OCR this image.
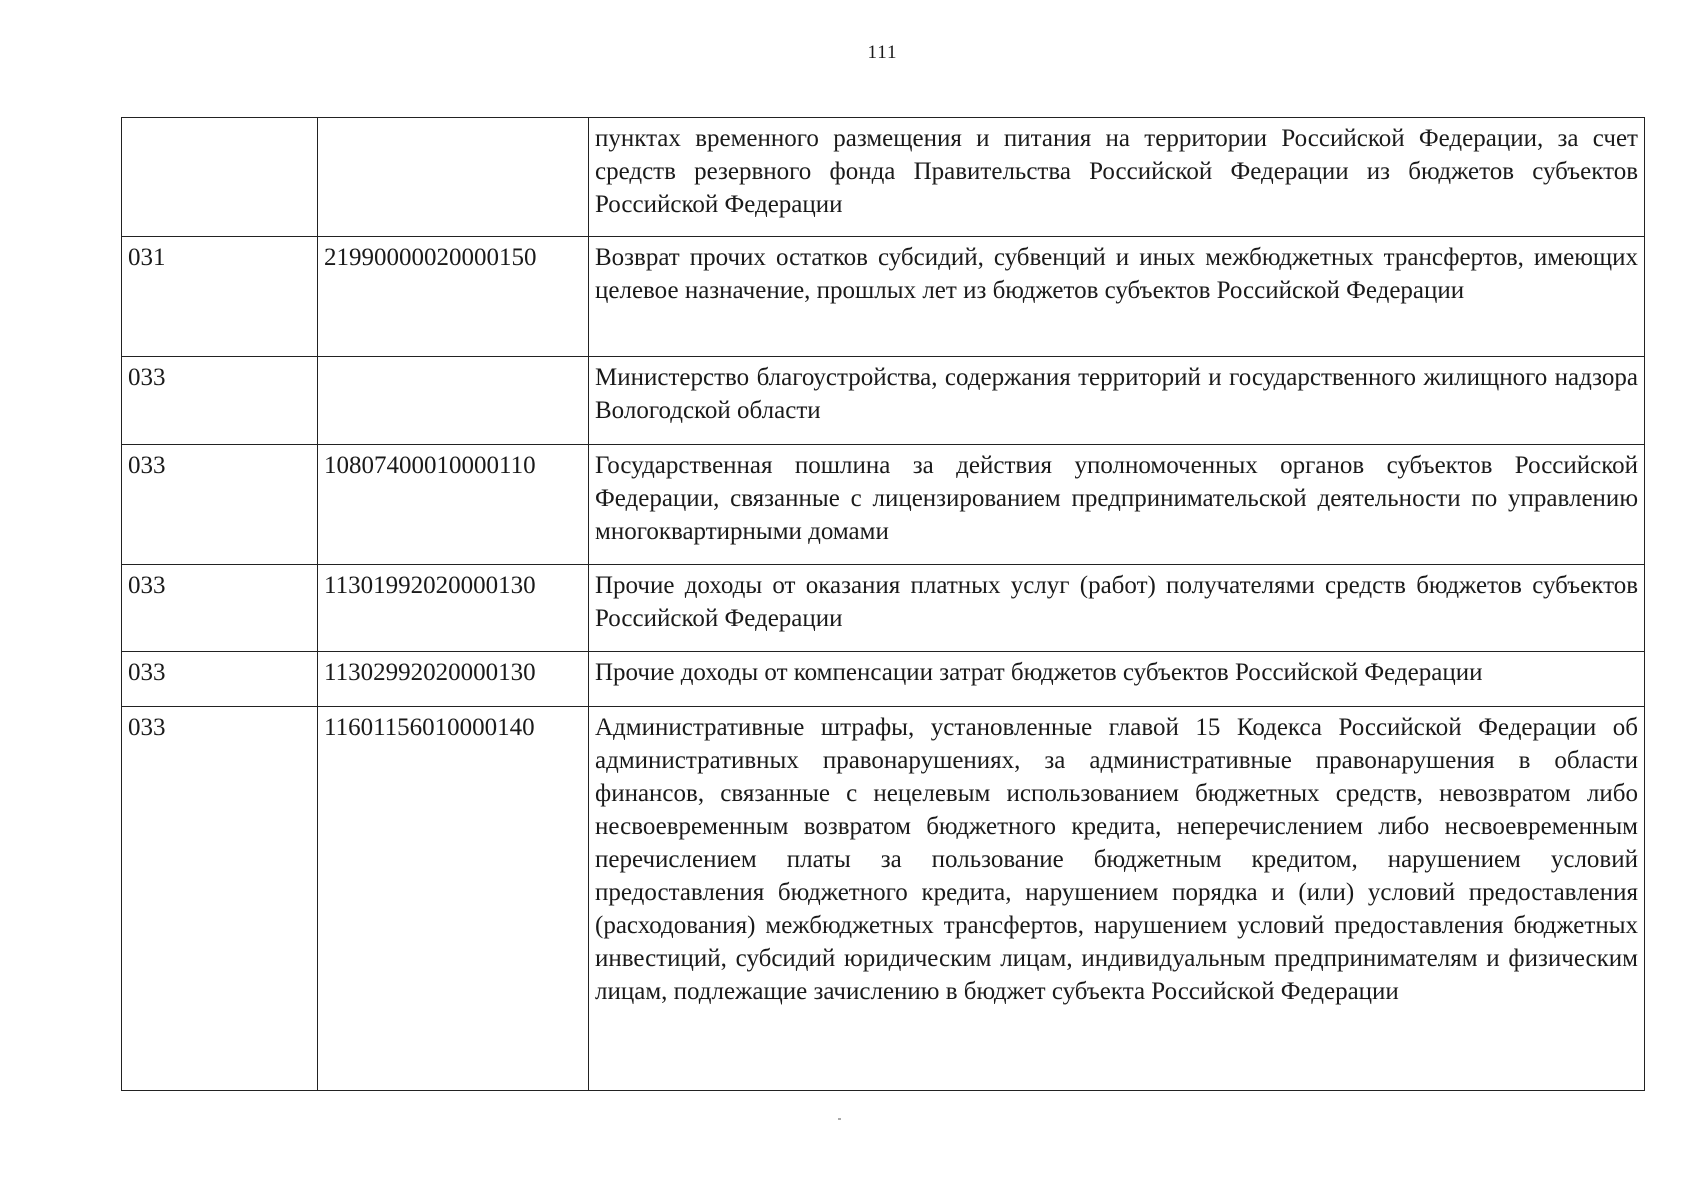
111
		пунктах временного размещения и питания на территории Российской Федерации, за счет средств резервного фонда Правительства Российской Федерации из бюджетов субъектов Российской Федерации
031	21990000020000150	Возврат прочих остатков субсидий, субвенций и иных межбюджетных трансфертов, имеющих целевое назначение, прошлых лет из бюджетов субъектов Российской Федерации
033		Министерство благоустройства, содержания территорий и государственного жилищного надзора Вологодской области
033	10807400010000110	Государственная пошлина за действия уполномоченных органов субъектов Российской Федерации, связанные с лицензированием предпринимательской деятельности по управлению многоквартирными домами
033	11301992020000130	Прочие доходы от оказания платных услуг (работ) получателями средств бюджетов субъектов Российской Федерации
033	11302992020000130	Прочие доходы от компенсации затрат бюджетов субъектов Российской Федерации
033	11601156010000140	Административные штрафы, установленные главой 15 Кодекса Российской Федерации об административных правонарушениях, за административные правонарушения в области финансов, связанные с нецелевым использованием бюджетных средств, невозвратом либо несвоевременным возвратом бюджетного кредита, неперечислением либо несвоевременным перечислением платы за пользование бюджетным кредитом, нарушением условий предоставления бюджетного кредита, нарушением порядка и (или) условий предоставления (расходования) межбюджетных трансфертов, нарушением условий предоставления бюджетных инвестиций, субсидий юридическим лицам, индивидуальным предпринимателям и физическим лицам, подлежащие зачислению в бюджет субъекта Российской Федерации
